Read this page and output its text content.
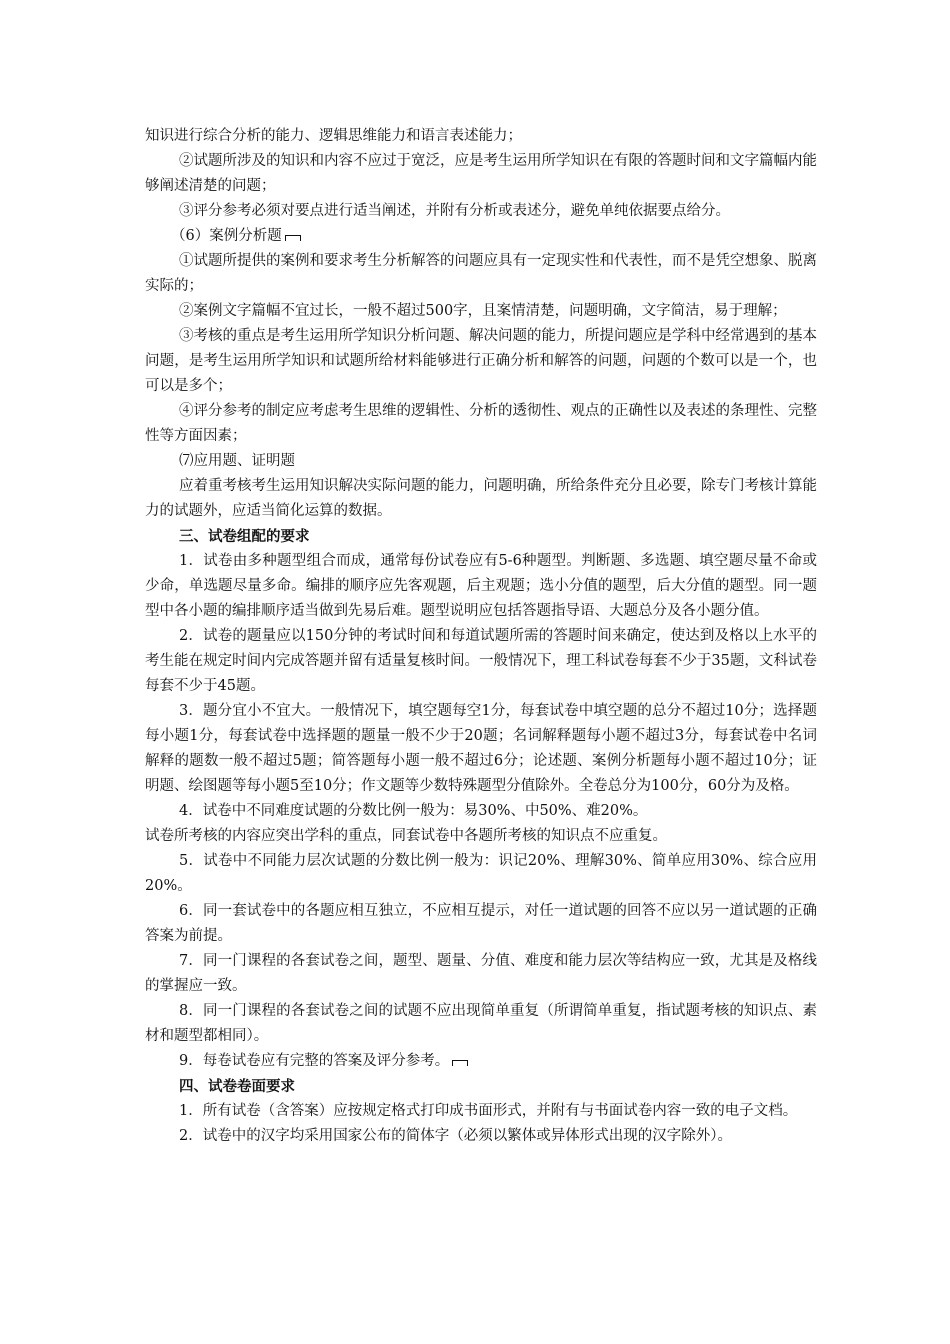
知识进行综合分析的能力、逻辑思维能力和语言表述能力；

②试题所涉及的知识和内容不应过于宽泛，应是考生运用所学知识在有限的答题时间和文字篇幅内能够阐述清楚的问题；

③评分参考必须对要点进行适当阐述，并附有分析或表述分，避免单纯依据要点给分。

（6）案例分析题

①试题所提供的案例和要求考生分析解答的问题应具有一定现实性和代表性，而不是凭空想象、脱离实际的；

②案例文字篇幅不宜过长，一般不超过500字，且案情清楚，问题明确，文字简洁，易于理解；

③考核的重点是考生运用所学知识分析问题、解决问题的能力，所提问题应是学科中经常遇到的基本问题，是考生运用所学知识和试题所给材料能够进行正确分析和解答的问题，问题的个数可以是一个，也可以是多个；

④评分参考的制定应考虑考生思维的逻辑性、分析的透彻性、观点的正确性以及表述的条理性、完整性等方面因素；

⑺应用题、证明题

应着重考核考生运用知识解决实际问题的能力，问题明确，所给条件充分且必要，除专门考核计算能力的试题外，应适当简化运算的数据。

三、试卷组配的要求

1．试卷由多种题型组合而成，通常每份试卷应有5-6种题型。判断题、多选题、填空题尽量不命或少命，单选题尽量多命。编排的顺序应先客观题，后主观题；选小分值的题型，后大分值的题型。同一题型中各小题的编排顺序适当做到先易后难。题型说明应包括答题指导语、大题总分及各小题分值。

2．试卷的题量应以150分钟的考试时间和每道试题所需的答题时间来确定，使达到及格以上水平的考生能在规定时间内完成答题并留有适量复核时间。一般情况下，理工科试卷每套不少于35题，文科试卷每套不少于45题。

3．题分宜小不宜大。一般情况下，填空题每空1分，每套试卷中填空题的总分不超过10分；选择题每小题1分，每套试卷中选择题的题量一般不少于20题；名词解释题每小题不超过3分，每套试卷中名词解释的题数一般不超过5题；简答题每小题一般不超过6分；论述题、案例分析题每小题不超过10分；证明题、绘图题等每小题5至10分；作文题等少数特殊题型分值除外。全卷总分为100分，60分为及格。

4．试卷中不同难度试题的分数比例一般为：易30%、中50%、难20%。

试卷所考核的内容应突出学科的重点，同套试卷中各题所考核的知识点不应重复。

5．试卷中不同能力层次试题的分数比例一般为：识记20%、理解30%、简单应用30%、综合应用20%。

6．同一套试卷中的各题应相互独立，不应相互提示，对任一道试题的回答不应以另一道试题的正确答案为前提。

7．同一门课程的各套试卷之间，题型、题量、分值、难度和能力层次等结构应一致，尤其是及格线的掌握应一致。

8．同一门课程的各套试卷之间的试题不应出现简单重复（所谓简单重复，指试题考核的知识点、素材和题型都相同）。

9．每卷试卷应有完整的答案及评分参考。

四、试卷卷面要求

1．所有试卷（含答案）应按规定格式打印成书面形式，并附有与书面试卷内容一致的电子文档。

2．试卷中的汉字均采用国家公布的简体字（必须以繁体或异体形式出现的汉字除外）。
